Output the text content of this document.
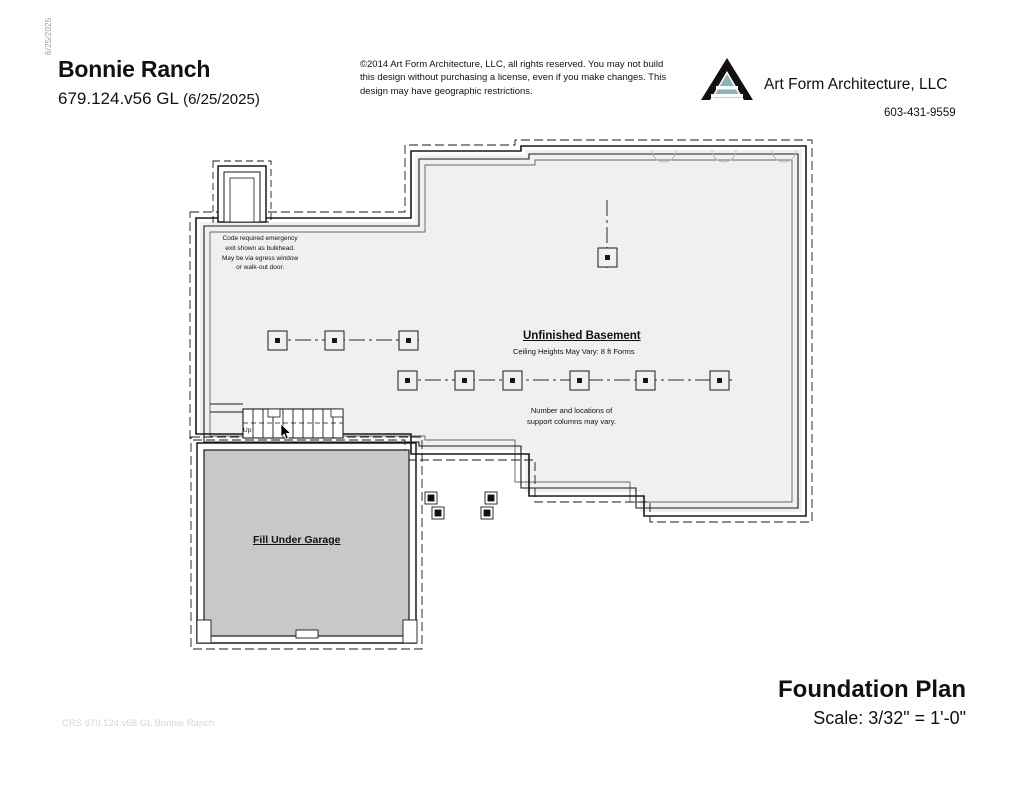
6/25/2025
Bonnie Ranch
679.124.v56 GL (6/25/2025)
©2014 Art Form Architecture, LLC, all rights reserved. You may not build this design without purchasing a license, even if you make changes. This design may have geographic restrictions.	Art Form Architecture, LLC
603-431-9559
Code required emergency
exit shown as bulkhead.
May be via egress window
or walk-out door.
Unfinished Basement
Ceiling Heights May Vary: 8 ft Forms
Number and locations of
support columns may vary.
Fill Under Garage
Up
CRS 679.124.v56 GL Bonnie Ranch
Foundation Plan
Scale: 3/32" = 1'-0"
